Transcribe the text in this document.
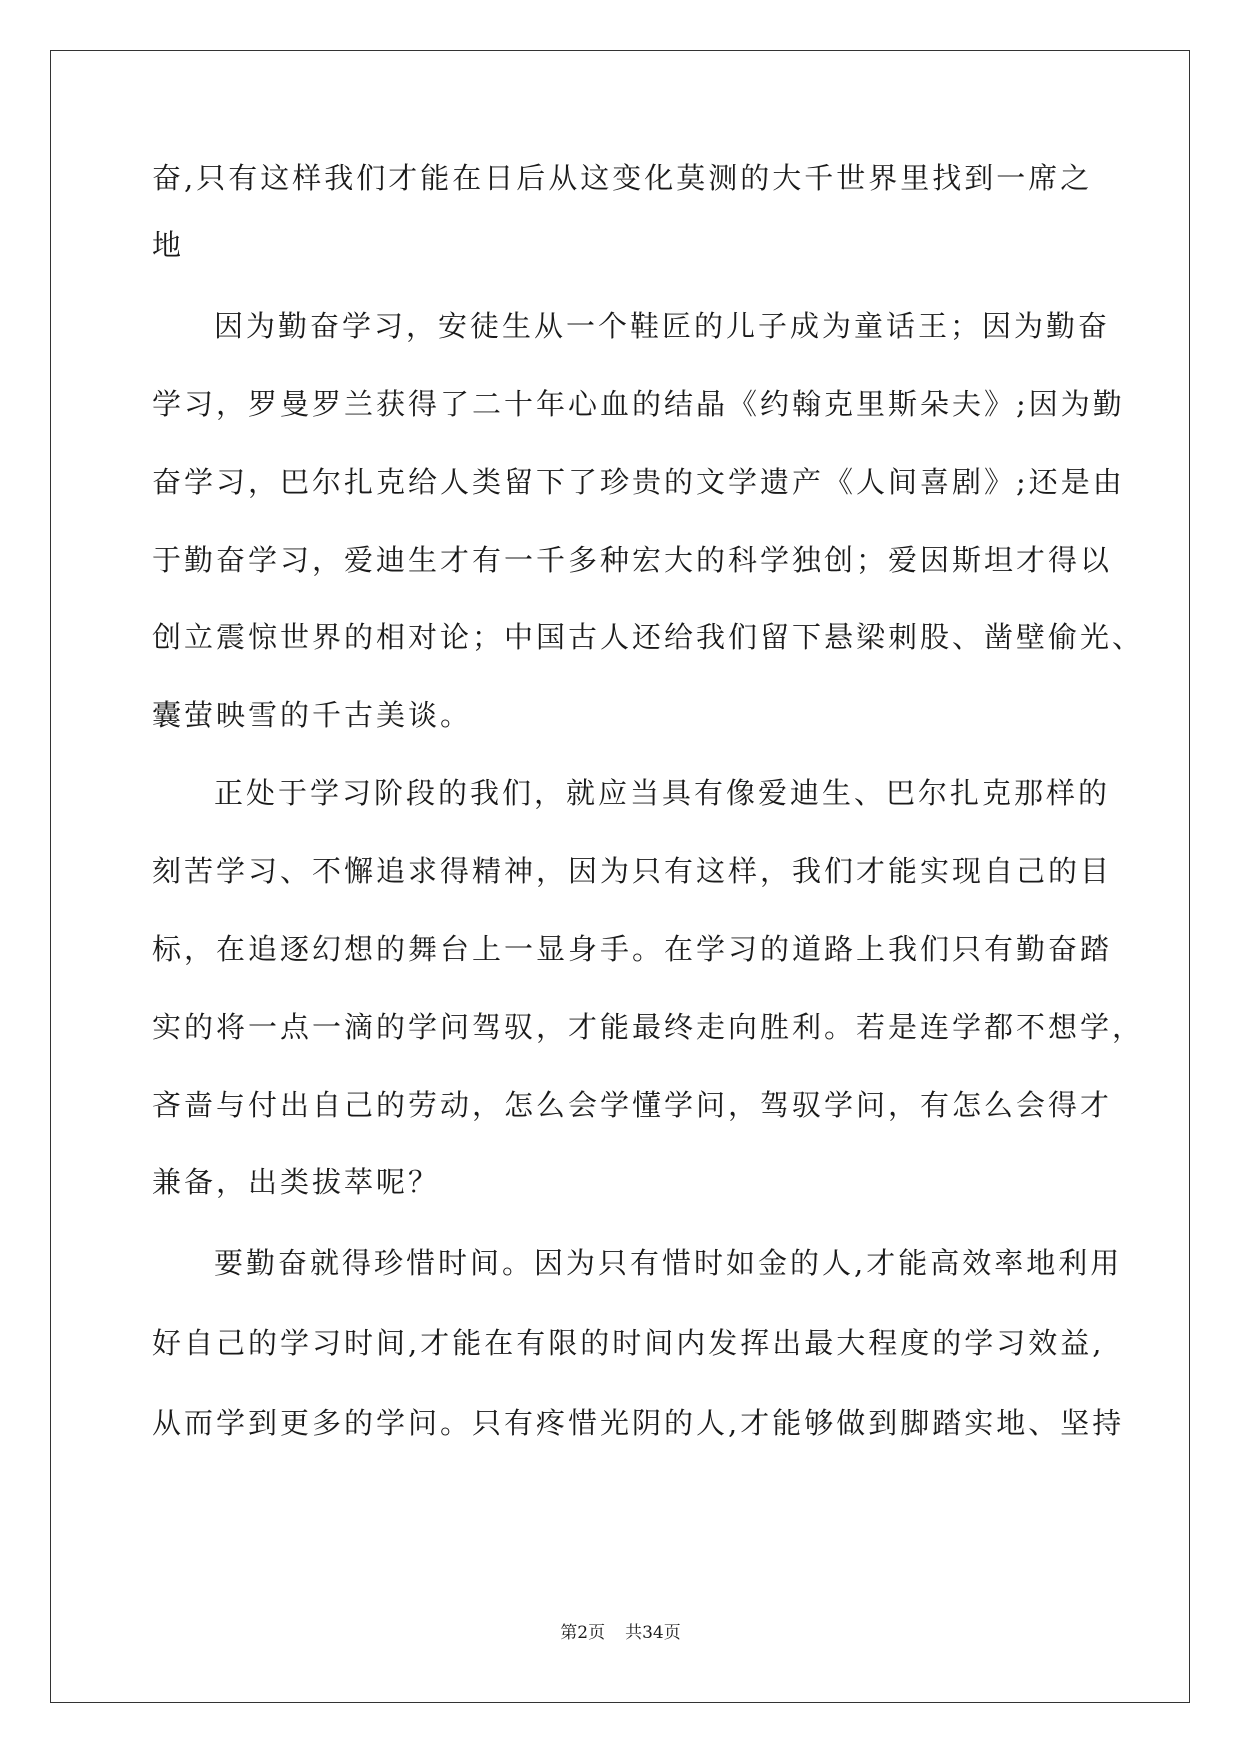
奋,只有这样我们才能在日后从这变化莫测的大千世界里找到一席之
地
因为勤奋学习，安徒生从一个鞋匠的儿子成为童话王；因为勤奋
学习，罗曼罗兰获得了二十年心血的结晶《约翰克里斯朵夫》;因为勤
奋学习，巴尔扎克给人类留下了珍贵的文学遗产《人间喜剧》;还是由
于勤奋学习，爱迪生才有一千多种宏大的科学独创；爱因斯坦才得以
创立震惊世界的相对论；中国古人还给我们留下悬梁刺股、凿壁偷光、
囊萤映雪的千古美谈。
正处于学习阶段的我们，就应当具有像爱迪生、巴尔扎克那样的
刻苦学习、不懈追求得精神，因为只有这样，我们才能实现自己的目
标，在追逐幻想的舞台上一显身手。在学习的道路上我们只有勤奋踏
实的将一点一滴的学问驾驭，才能最终走向胜利。若是连学都不想学，
吝啬与付出自己的劳动，怎么会学懂学问，驾驭学问，有怎么会得才
兼备，出类拔萃呢？
要勤奋就得珍惜时间。因为只有惜时如金的人,才能高效率地利用
好自己的学习时间,才能在有限的时间内发挥出最大程度的学习效益,
从而学到更多的学问。只有疼惜光阴的人,才能够做到脚踏实地、坚持
第2页 共34页
